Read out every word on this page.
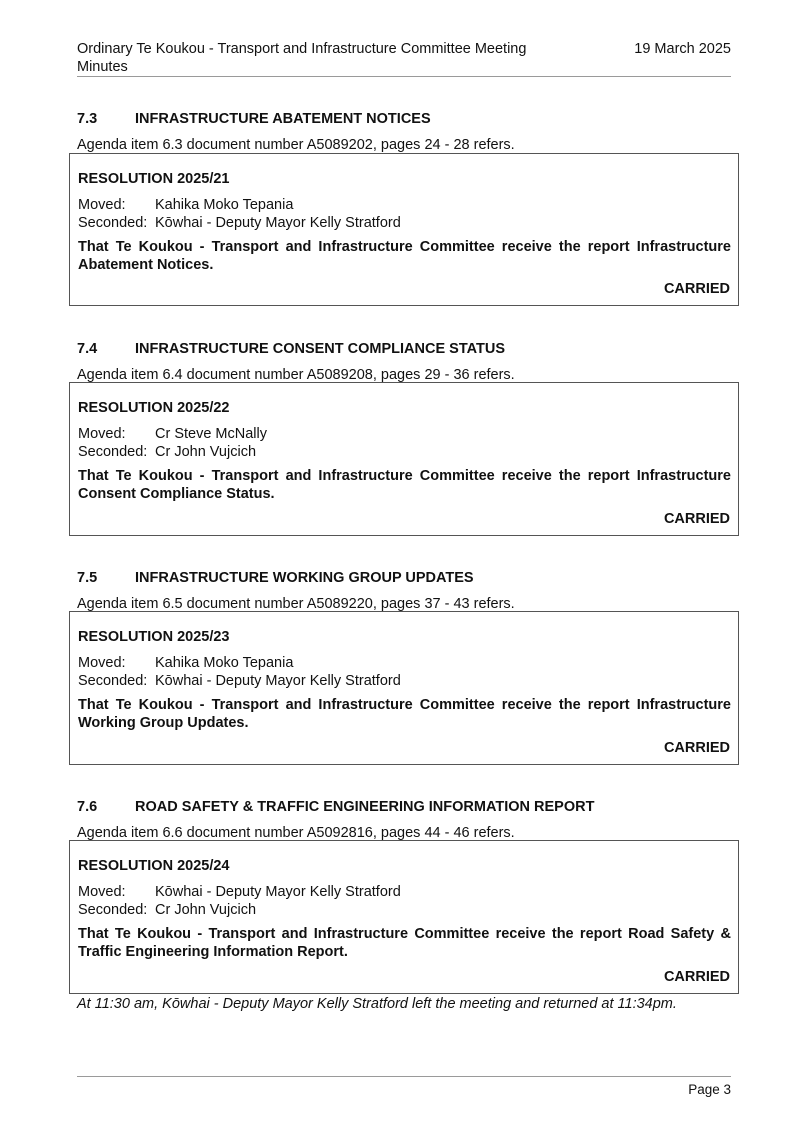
Ordinary Te Koukou - Transport and Infrastructure Committee Meeting Minutes
19 March 2025
7.3	INFRASTRUCTURE ABATEMENT NOTICES
Agenda item 6.3 document number A5089202, pages 24 - 28 refers.
RESOLUTION 2025/21
Moved: Kahika Moko Tepania
Seconded: Kōwhai - Deputy Mayor Kelly Stratford
That Te Koukou - Transport and Infrastructure Committee receive the report Infrastructure Abatement Notices.
CARRIED
7.4	INFRASTRUCTURE CONSENT COMPLIANCE STATUS
Agenda item 6.4 document number A5089208, pages 29 - 36 refers.
RESOLUTION 2025/22
Moved: Cr Steve McNally
Seconded: Cr John Vujcich
That Te Koukou - Transport and Infrastructure Committee receive the report Infrastructure Consent Compliance Status.
CARRIED
7.5	INFRASTRUCTURE WORKING GROUP UPDATES
Agenda item 6.5 document number A5089220, pages 37 - 43 refers.
RESOLUTION 2025/23
Moved: Kahika Moko Tepania
Seconded: Kōwhai - Deputy Mayor Kelly Stratford
That Te Koukou - Transport and Infrastructure Committee receive the report Infrastructure Working Group Updates.
CARRIED
7.6	ROAD SAFETY & TRAFFIC ENGINEERING INFORMATION REPORT
Agenda item 6.6 document number A5092816, pages 44 - 46 refers.
RESOLUTION 2025/24
Moved: Kōwhai - Deputy Mayor Kelly Stratford
Seconded: Cr John Vujcich
That Te Koukou - Transport and Infrastructure Committee receive the report Road Safety & Traffic Engineering Information Report.
CARRIED
At 11:30 am, Kōwhai - Deputy Mayor Kelly Stratford left the meeting and returned at 11:34pm.
Page 3
